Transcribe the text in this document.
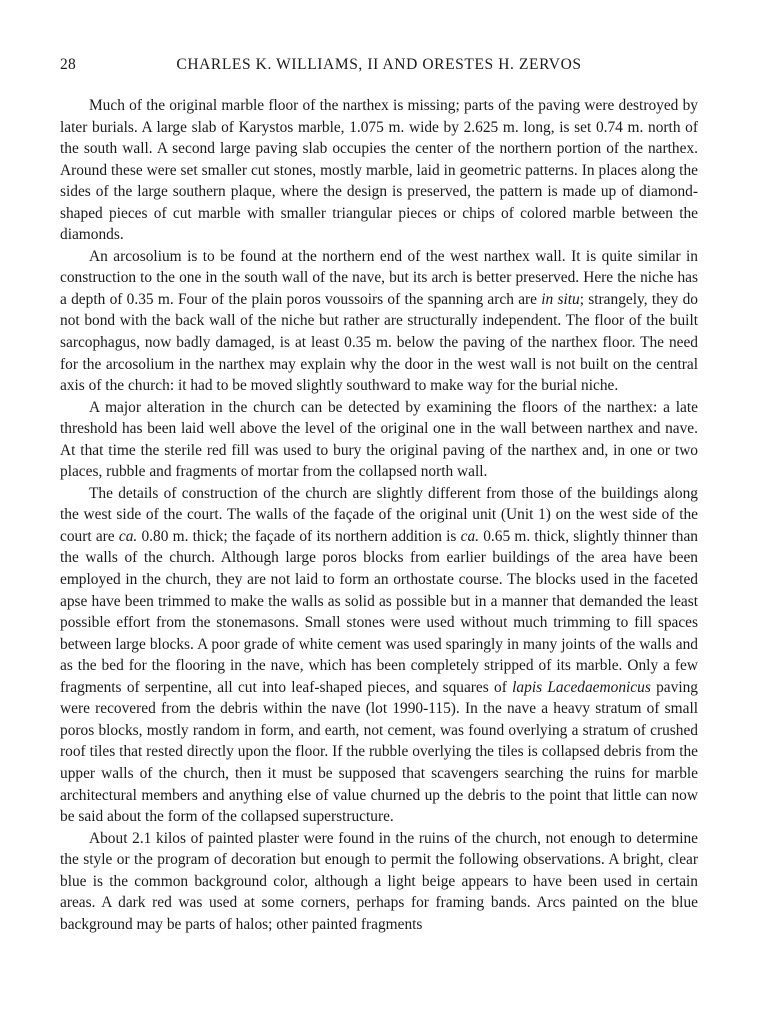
28	CHARLES K. WILLIAMS, II AND ORESTES H. ZERVOS

Much of the original marble floor of the narthex is missing; parts of the paving were destroyed by later burials. A large slab of Karystos marble, 1.075 m. wide by 2.625 m. long, is set 0.74 m. north of the south wall. A second large paving slab occupies the center of the northern portion of the narthex. Around these were set smaller cut stones, mostly marble, laid in geometric patterns. In places along the sides of the large southern plaque, where the design is preserved, the pattern is made up of diamond-shaped pieces of cut marble with smaller triangular pieces or chips of colored marble between the diamonds.

An arcosolium is to be found at the northern end of the west narthex wall. It is quite similar in construction to the one in the south wall of the nave, but its arch is better preserved. Here the niche has a depth of 0.35 m. Four of the plain poros voussoirs of the spanning arch are in situ; strangely, they do not bond with the back wall of the niche but rather are structurally independent. The floor of the built sarcophagus, now badly damaged, is at least 0.35 m. below the paving of the narthex floor. The need for the arcosolium in the narthex may explain why the door in the west wall is not built on the central axis of the church: it had to be moved slightly southward to make way for the burial niche.

A major alteration in the church can be detected by examining the floors of the narthex: a late threshold has been laid well above the level of the original one in the wall between narthex and nave. At that time the sterile red fill was used to bury the original paving of the narthex and, in one or two places, rubble and fragments of mortar from the collapsed north wall.

The details of construction of the church are slightly different from those of the buildings along the west side of the court. The walls of the façade of the original unit (Unit 1) on the west side of the court are ca. 0.80 m. thick; the façade of its northern addition is ca. 0.65 m. thick, slightly thinner than the walls of the church. Although large poros blocks from earlier buildings of the area have been employed in the church, they are not laid to form an orthostate course. The blocks used in the faceted apse have been trimmed to make the walls as solid as possible but in a manner that demanded the least possible effort from the stonemasons. Small stones were used without much trimming to fill spaces between large blocks. A poor grade of white cement was used sparingly in many joints of the walls and as the bed for the flooring in the nave, which has been completely stripped of its marble. Only a few fragments of serpentine, all cut into leaf-shaped pieces, and squares of lapis Lacedaemonicus paving were recovered from the debris within the nave (lot 1990-115). In the nave a heavy stratum of small poros blocks, mostly random in form, and earth, not cement, was found overlying a stratum of crushed roof tiles that rested directly upon the floor. If the rubble overlying the tiles is collapsed debris from the upper walls of the church, then it must be supposed that scavengers searching the ruins for marble architectural members and anything else of value churned up the debris to the point that little can now be said about the form of the collapsed superstructure.

About 2.1 kilos of painted plaster were found in the ruins of the church, not enough to determine the style or the program of decoration but enough to permit the following observations. A bright, clear blue is the common background color, although a light beige appears to have been used in certain areas. A dark red was used at some corners, perhaps for framing bands. Arcs painted on the blue background may be parts of halos; other painted fragments
